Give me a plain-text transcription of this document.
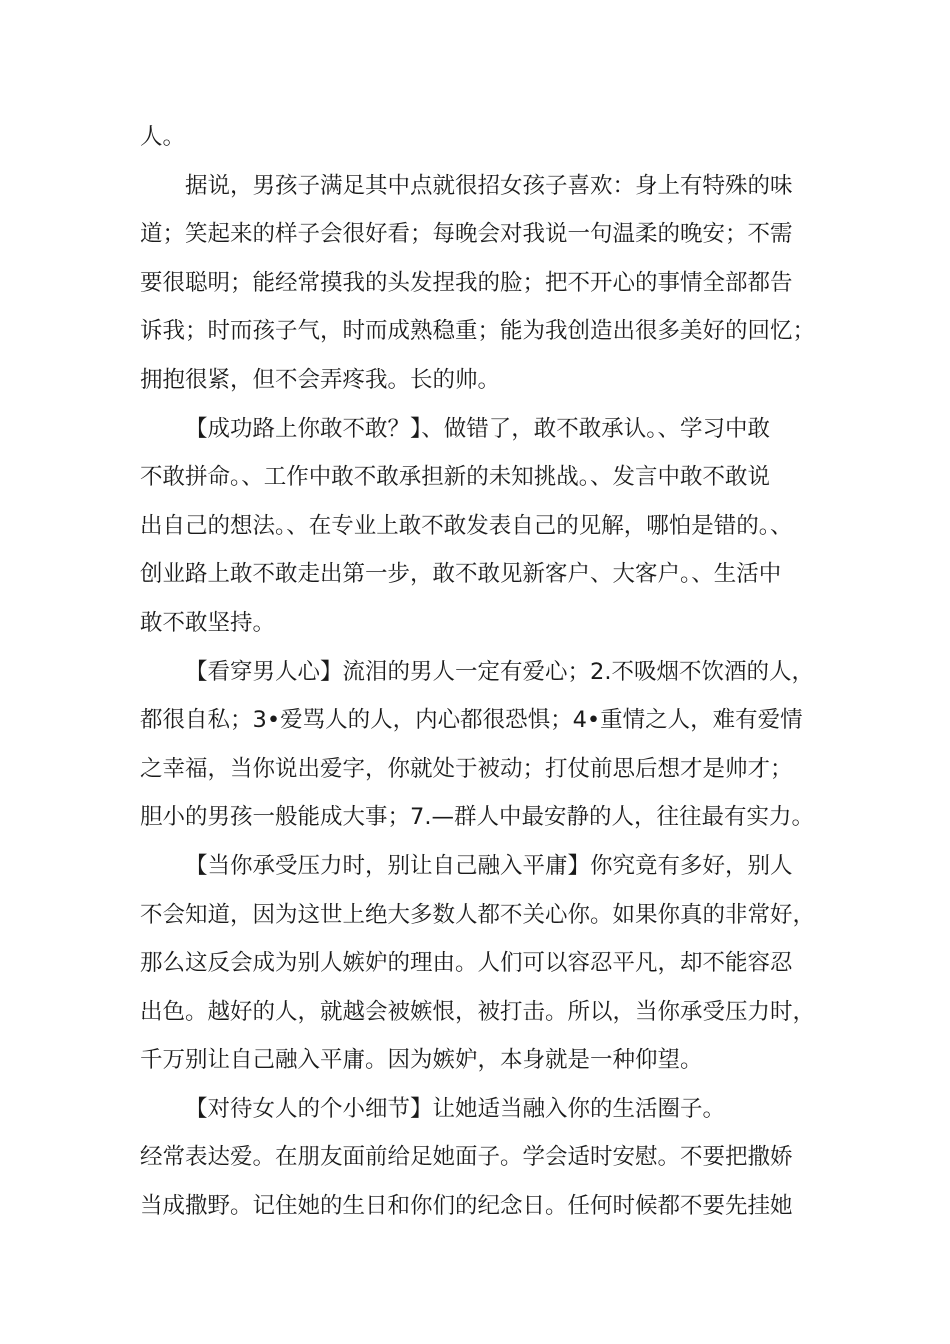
人。
据说，男孩子满足其中点就很招女孩子喜欢：身上有特殊的味
道；笑起来的样子会很好看；每晚会对我说一句温柔的晚安；不需
要很聪明；能经常摸我的头发捏我的脸；把不开心的事情全部都告
诉我；时而孩子气，时而成熟稳重；能为我创造出很多美好的回忆；
拥抱很紧，但不会弄疼我。长的帅。
【成功路上你敢不敢？】、做错了，敢不敢承认。、学习中敢
不敢拼命。、工作中敢不敢承担新的未知挑战。、发言中敢不敢说
出自己的想法。、在专业上敢不敢发表自己的见解，哪怕是错的。、
创业路上敢不敢走出第一步，敢不敢见新客户、大客户。、生活中
敢不敢坚持。
【看穿男人心】流泪的男人一定有爱心；2.不吸烟不饮酒的人，
都很自私；3•爱骂人的人，内心都很恐惧；4•重情之人，难有爱情
之幸福，当你说出爱字，你就处于被动；打仗前思后想才是帅才；
胆小的男孩一般能成大事；7.—群人中最安静的人，往往最有实力。
【当你承受压力时，别让自己融入平庸】你究竟有多好，别人
不会知道，因为这世上绝大多数人都不关心你。如果你真的非常好，
那么这反会成为别人嫉妒的理由。人们可以容忍平凡，却不能容忍
出色。越好的人，就越会被嫉恨，被打击。所以，当你承受压力时，
千万别让自己融入平庸。因为嫉妒，本身就是一种仰望。
【对待女人的个小细节】让她适当融入你的生活圈子。
经常表达爱。在朋友面前给足她面子。学会适时安慰。不要把撒娇
当成撒野。记住她的生日和你们的纪念日。任何时候都不要先挂她
